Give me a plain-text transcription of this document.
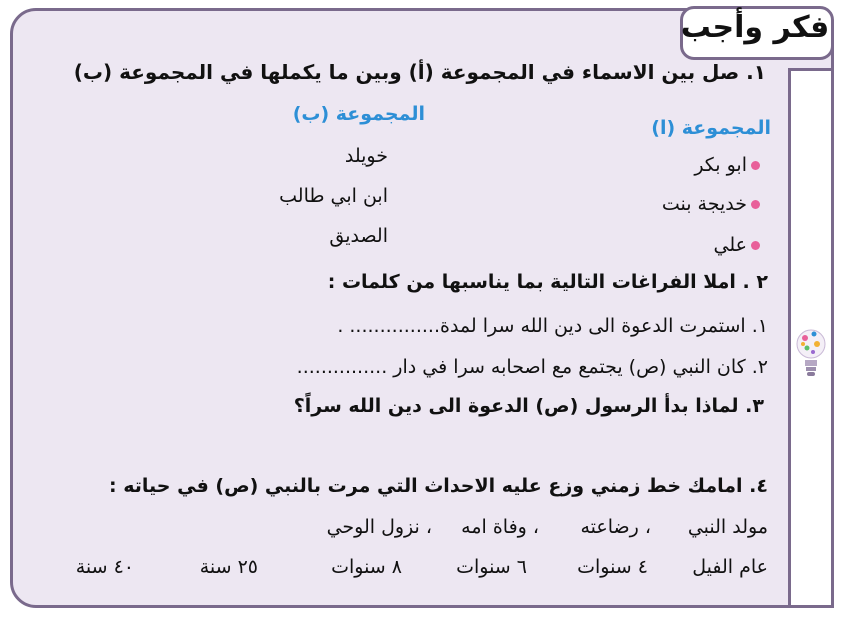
فكر وأجب
١. صل بين الاسماء في المجموعة (أ) وبين ما يكملها في المجموعة (ب)
المجموعة (ب)
المجموعة (ا)
ابو بكر
خديجة بنت
علي
خويلد
ابن ابي طالب
الصديق
٢ . املا الفراغات التالية بما يناسبها من كلمات :
١. استمرت الدعوة الى دين الله سرا لمدة............... .
٢. كان النبي (ص) يجتمع مع اصحابه سرا في دار ...............
٣. لماذا بدأ الرسول (ص) الدعوة الى دين الله سراً؟
٤. امامك خط زمني وزع عليه الاحداث التي مرت بالنبي (ص) في حياته :
مولد النبي
، رضاعته
، وفاة امه
، نزول الوحي
عام الفيل
٤ سنوات
٦ سنوات
٨ سنوات
٢٥ سنة
٤٠ سنة
